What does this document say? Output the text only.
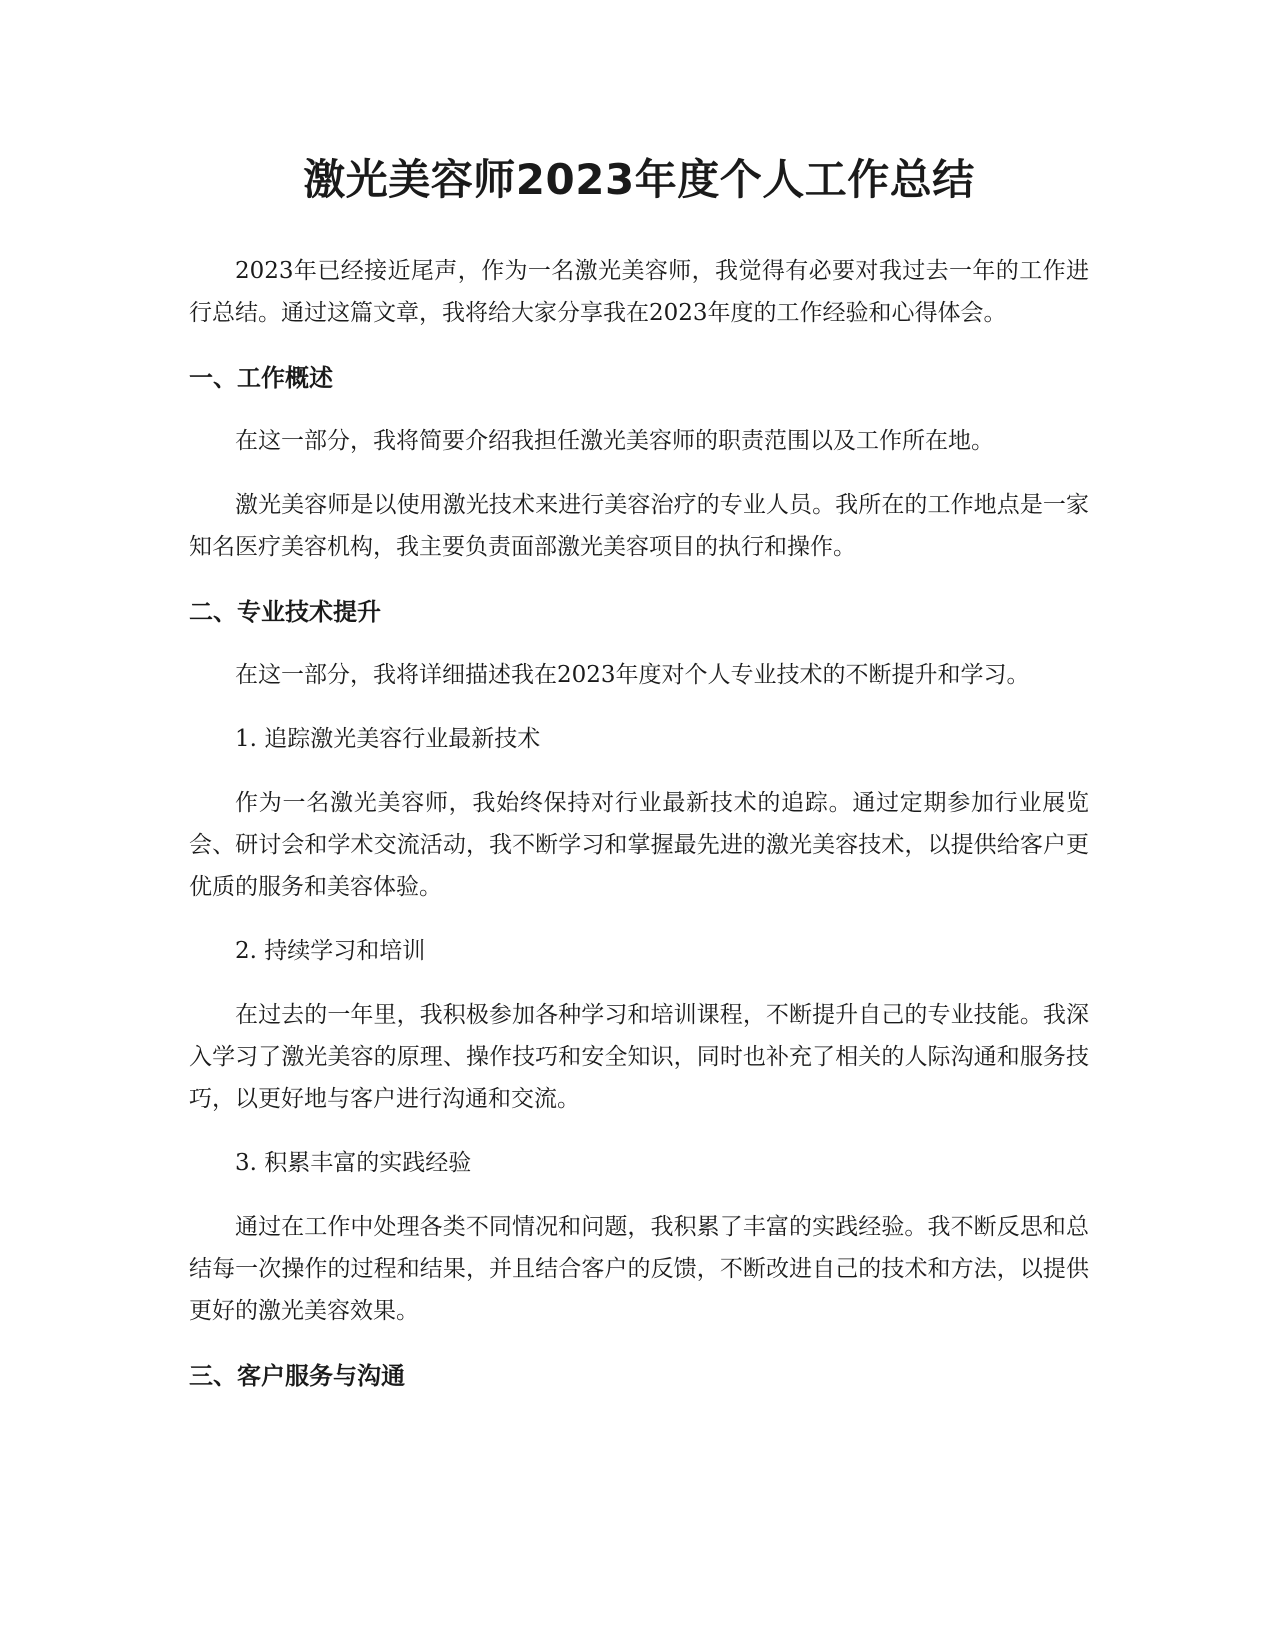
激光美容师2023年度个人工作总结

2023年已经接近尾声，作为一名激光美容师，我觉得有必要对我过去一年的工作进行总结。通过这篇文章，我将给大家分享我在2023年度的工作经验和心得体会。

一、工作概述

在这一部分，我将简要介绍我担任激光美容师的职责范围以及工作所在地。

激光美容师是以使用激光技术来进行美容治疗的专业人员。我所在的工作地点是一家知名医疗美容机构，我主要负责面部激光美容项目的执行和操作。

二、专业技术提升

在这一部分，我将详细描述我在2023年度对个人专业技术的不断提升和学习。

1. 追踪激光美容行业最新技术

作为一名激光美容师，我始终保持对行业最新技术的追踪。通过定期参加行业展览会、研讨会和学术交流活动，我不断学习和掌握最先进的激光美容技术，以提供给客户更优质的服务和美容体验。

2. 持续学习和培训

在过去的一年里，我积极参加各种学习和培训课程，不断提升自己的专业技能。我深入学习了激光美容的原理、操作技巧和安全知识，同时也补充了相关的人际沟通和服务技巧，以更好地与客户进行沟通和交流。

3. 积累丰富的实践经验

通过在工作中处理各类不同情况和问题，我积累了丰富的实践经验。我不断反思和总结每一次操作的过程和结果，并且结合客户的反馈，不断改进自己的技术和方法，以提供更好的激光美容效果。

三、客户服务与沟通
